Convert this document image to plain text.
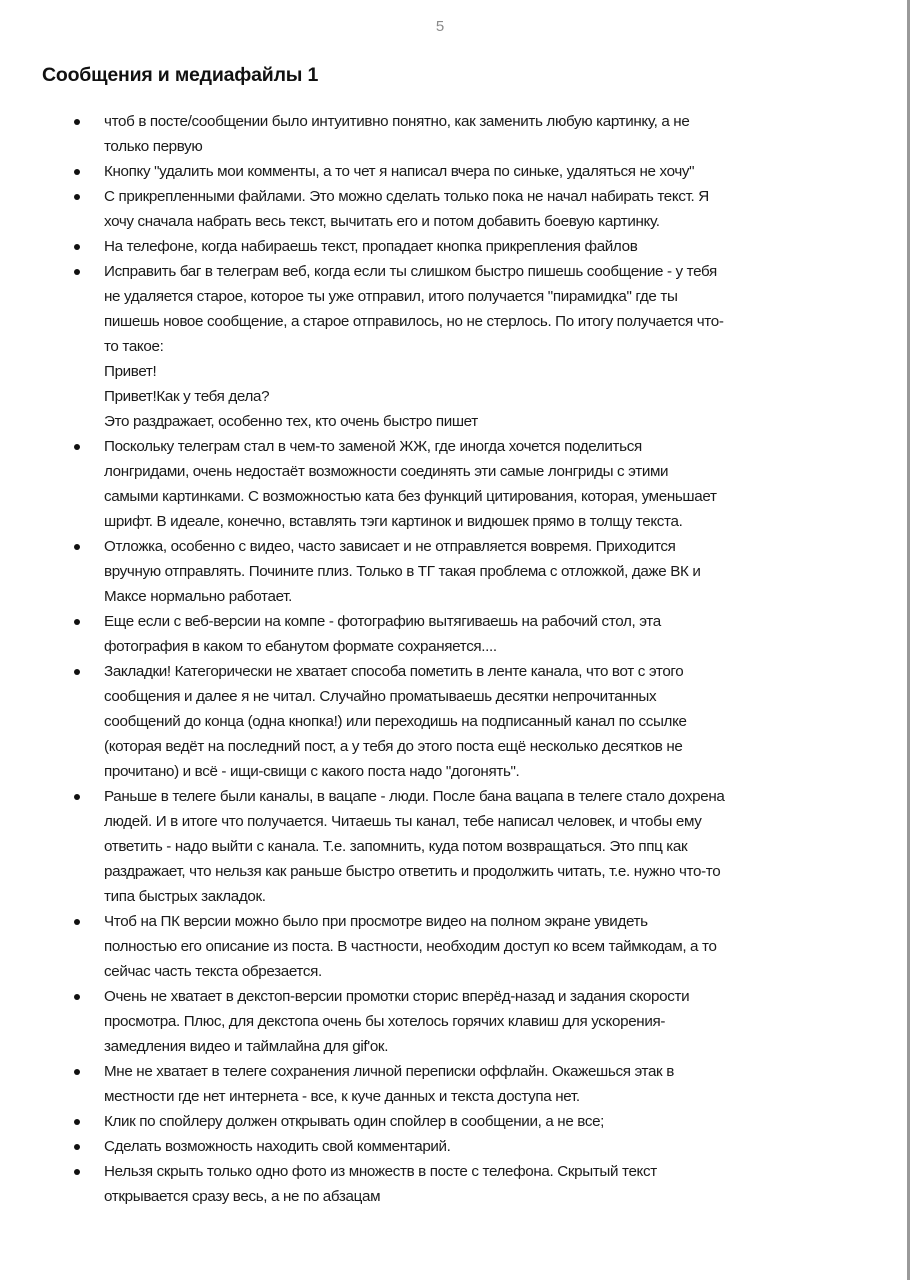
5
Сообщения и медиафайлы 1
чтоб в посте/сообщении было интуитивно понятно, как заменить любую картинку, а не
только первую
Кнопку "удалить мои комменты, а то чет я написал вчера по синьке, удаляться не хочу"
С прикрепленными файлами. Это можно сделать только пока не начал набирать текст. Я
хочу сначала набрать весь текст, вычитать его и потом добавить боевую картинку.
На телефоне, когда набираешь текст, пропадает кнопка прикрепления файлов
Исправить баг в телеграм веб, когда если ты слишком быстро пишешь сообщение - у тебя
не удаляется старое, которое ты уже отправил, итого получается "пирамидка" где ты
пишешь новое сообщение, а старое отправилось, но не стерлось. По итогу получается что-
то такое:
Привет!
Привет!Как у тебя дела?
Это раздражает, особенно тех, кто очень быстро пишет
Поскольку телеграм стал в чем-то заменой ЖЖ, где иногда хочется поделиться
лонгридами, очень недостаёт возможности соединять эти самые лонгриды с этими
самыми картинками. С возможностью ката без функций цитирования, которая, уменьшает
шрифт. В идеале, конечно, вставлять тэги картинок и видюшек прямо в толщу текста.
Отложка, особенно с видео, часто зависает и не отправляется вовремя. Приходится
вручную отправлять. Почините плиз. Только в ТГ такая проблема с отложкой, даже ВК и
Максе нормально работает.
Еще если с веб-версии на компе - фотографию вытягиваешь на рабочий стол, эта
фотография в каком то ебанутом формате сохраняется....
Закладки! Категорически не хватает способа пометить в ленте канала, что вот с этого
сообщения и далее я не читал. Случайно проматываешь десятки непрочитанных
сообщений до конца (одна кнопка!) или переходишь на подписанный канал по ссылке
(которая ведёт на последний пост, а у тебя до этого поста ещё несколько десятков не
прочитано) и всё - ищи-свищи с какого поста надо "догонять".
Раньше в телеге были каналы, в вацапе - люди. После бана вацапа в телеге стало дохрена
людей. И в итоге что получается. Читаешь ты канал, тебе написал человек, и чтобы ему
ответить - надо выйти с канала. Т.е. запомнить, куда потом возвращаться. Это ппц как
раздражает, что нельзя как раньше быстро ответить и продолжить читать, т.е. нужно что-то
типа быстрых закладок.
Чтоб на ПК версии можно было при просмотре видео на полном экране увидеть
полностью его описание из поста. В частности, необходим доступ ко всем таймкодам, а то
сейчас часть текста обрезается.
Очень не хватает в декстоп-версии промотки сторис вперёд-назад и задания скорости
просмотра. Плюс, для декстопа очень бы хотелось горячих клавиш для ускорения-
замедления видео и таймлайна для gif'ок.
Мне не хватает в телеге сохранения личной переписки оффлайн. Окажешься этак в
местности где нет интернета - все, к куче данных и текста доступа нет.
Клик по спойлеру должен открывать один спойлер в сообщении, а не все;
Сделать возможность находить свой комментарий.
Нельзя скрыть только одно фото из множеств в посте с телефона. Скрытый текст
открывается сразу весь, а не по абзацам
